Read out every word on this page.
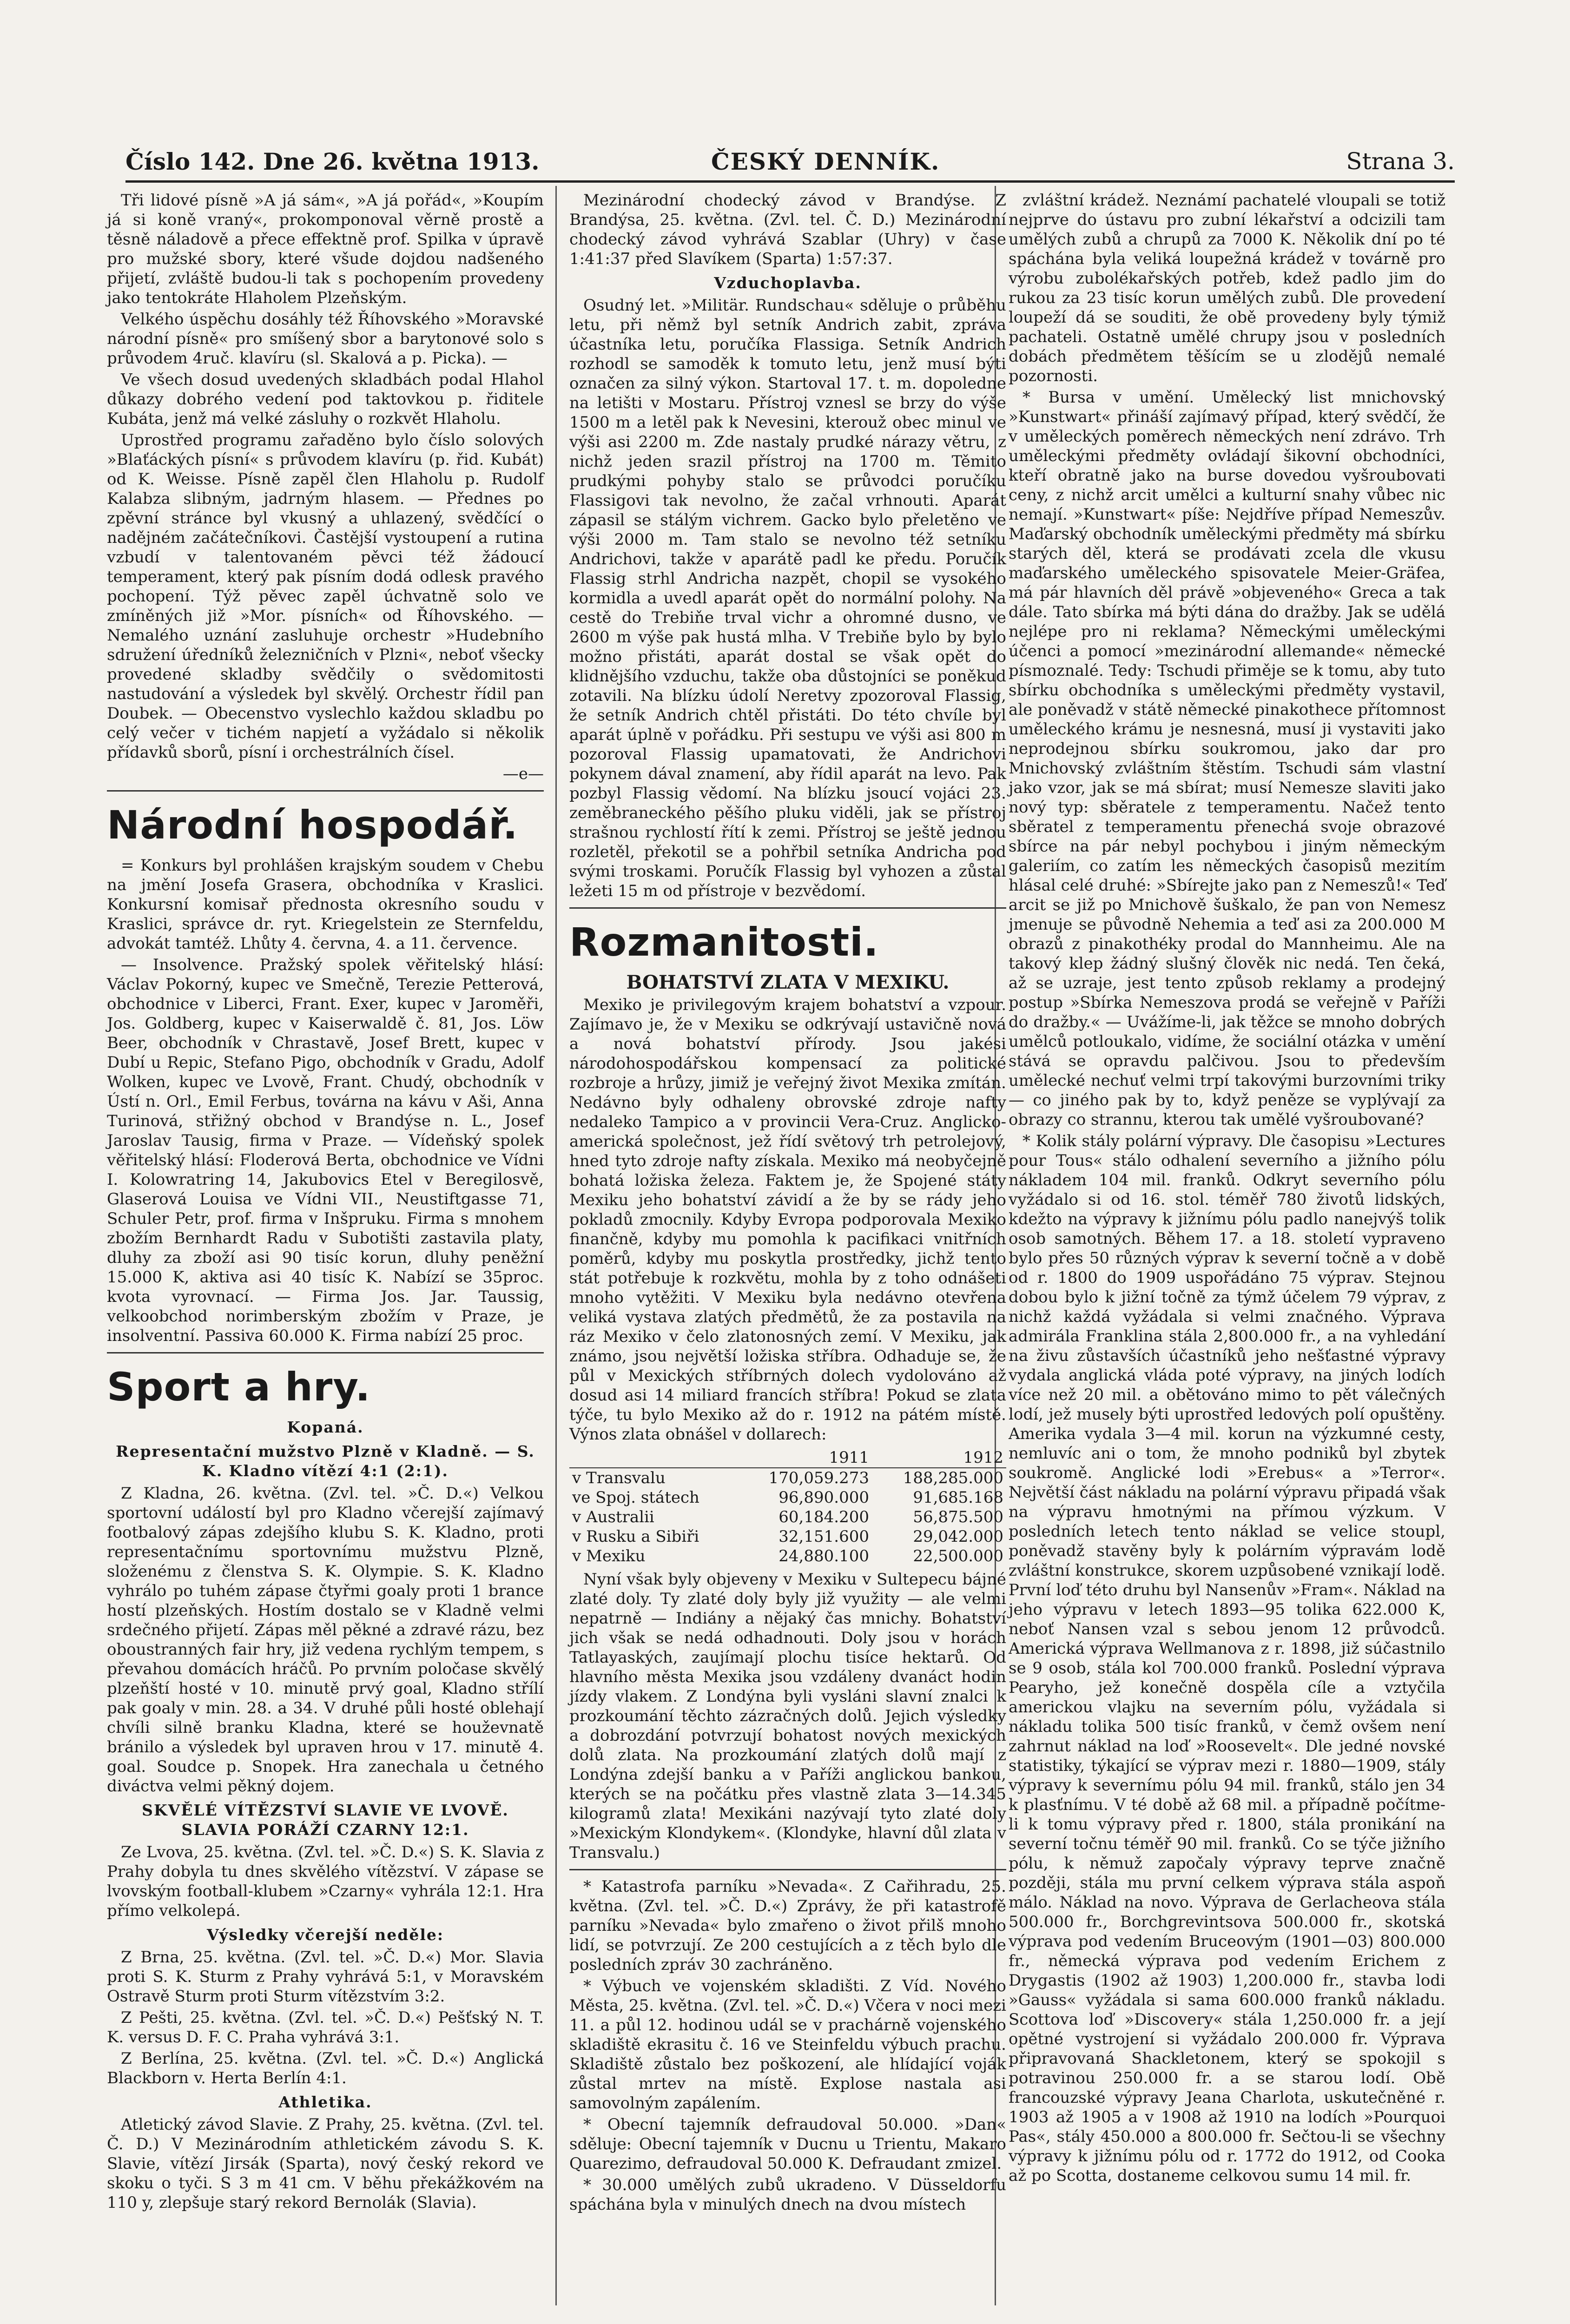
Číslo 142. Dne 26. května 1913.	ČESKÝ DENNÍK.	Strana 3.

Tři lidové písně »A já sám«, »A já pořád«, »Koupím já si koně vraný«, prokomponoval věrně prostě a těsně náladově a přece effektně prof. Spilka v úpravě pro mužské sbory, které všude dojdou nadšeného přijetí, zvláště budou-li tak s pochopením provedeny jako tentokráte Hlaholem Plzeňským.

Velkého úspěchu dosáhly též Říhovského »Moravské národní písně« pro smíšený sbor a barytonové solo s průvodem 4ruč. klavíru (sl. Skalová a p. Picka). —

Ve všech dosud uvedených skladbách podal Hlahol důkazy dobrého vedení pod taktovkou p. řiditele Kubáta, jenž má velké zásluhy o rozkvět Hlaholu.

Uprostřed programu zařaděno bylo číslo solových »Blaťáckých písní« s průvodem klavíru (p. řid. Kubát) od K. Weisse. Písně zapěl člen Hlaholu p. Rudolf Kalabza slibným, jadrným hlasem. — Přednes po zpěvní stránce byl vkusný a uhlazený, svědčící o nadějném začátečníkovi. Častější vystoupení a rutina vzbudí v talentovaném pěvci též žádoucí temperament, který pak písním dodá odlesk pravého pochopení. Týž pěvec zapěl úchvatně solo ve zmíněných již »Mor. písních« od Říhovského. — Nemalého uznání zasluhuje orchestr »Hudebního sdružení úředníků železničních v Plzni«, neboť všecky provedené skladby svědčily o svědomitosti nastudování a výsledek byl skvělý. Orchestr řídil pan Doubek. — Obecenstvo vyslechlo každou skladbu po celý večer v tichém napjetí a vyžádalo si několik přídavků sborů, písní i orchestrálních čísel.

—e—
Národní hospodář.

= Konkurs byl prohlášen krajským soudem v Chebu na jmění Josefa Grasera, obchodníka v Kraslici. Konkursní komisař přednosta okresního soudu v Kraslici, správce dr. ryt. Kriegelstein ze Sternfeldu, advokát tamtéž. Lhůty 4. června, 4. a 11. července.

— Insolvence. Pražský spolek věřitelský hlásí: Václav Pokorný, kupec ve Smečně, Terezie Petterová, obchodnice v Liberci, Frant. Exer, kupec v Jaroměři, Jos. Goldberg, kupec v Kaiserwaldě č. 81, Jos. Löw Beer, obchodník v Chrastavě, Josef Brett, kupec v Dubí u Repic, Stefano Pigo, obchodník v Gradu, Adolf Wolken, kupec ve Lvově, Frant. Chudý, obchodník v Ústí n. Orl., Emil Ferbus, továrna na kávu v Aši, Anna Turinová, střižný obchod v Brandýse n. L., Josef Jaroslav Tausig, firma v Praze. — Vídeňský spolek věřitelský hlásí: Floderová Berta, obchodnice ve Vídni I. Kolowratring 14, Jakubovics Etel v Beregilosvě, Glaserová Louisa ve Vídni VII., Neustiftgasse 71, Schuler Petr, prof. firma v Inšpruku. Firma s mnohem zbožím Bernhardt Radu v Subotišti zastavila platy, dluhy za zboží asi 90 tisíc korun, dluhy peněžní 15.000 K, aktiva asi 40 tisíc K. Nabízí se 35proc. kvota vyrovnací. — Firma Jos. Jar. Taussig, velkoobchod norimberským zbožím v Praze, je insolventní. Passiva 60.000 K. Firma nabízí 25 proc.

Sport a hry.
Kopaná.
Representační mužstvo Plzně v Kladně. — S. K. Kladno vítězí 4:1 (2:1).

Z Kladna, 26. května. (Zvl. tel. »Č. D.«) Velkou sportovní událostí byl pro Kladno včerejší zajímavý footbalový zápas zdejšího klubu S. K. Kladno, proti representačnímu sportovnímu mužstvu Plzně, složenému z členstva S. K. Olympie. S. K. Kladno vyhrálo po tuhém zápase čtyřmi goaly proti 1 brance hostí plzeňských. Hostím dostalo se v Kladně velmi srdečného přijetí. Zápas měl pěkné a zdravé rázu, bez oboustranných fair hry, již vedena rychlým tempem, s převahou domácích hráčů. Po prvním poločase skvělý plzeňští hosté v 10. minutě prvý goal, Kladno střílí pak goaly v min. 28. a 34. V druhé půli hosté oblehají chvíli silně branku Kladna, které se houževnatě bránilo a výsledek byl upraven hrou v 17. minutě 4. goal. Soudce p. Snopek. Hra zanechala u četného diváctva velmi pěkný dojem.

SKVĚLÉ VÍTĚZSTVÍ SLAVIE VE LVOVĚ. SLAVIA PORÁŽÍ CZARNY 12:1.

Ze Lvova, 25. května. (Zvl. tel. »Č. D.«) S. K. Slavia z Prahy dobyla tu dnes skvělého vítězství. V zápase se lvovským football-klubem »Czarny« vyhrála 12:1. Hra přímo velkolepá.

Výsledky včerejší neděle:

Z Brna, 25. května. (Zvl. tel. »Č. D.«) Mor. Slavia proti S. K. Sturm z Prahy vyhrává 5:1, v Moravském Ostravě Sturm proti Sturm vítězstvím 3:2.

Z Pešti, 25. května. (Zvl. tel. »Č. D.«) Pešťský N. T. K. versus D. F. C. Praha vyhrává 3:1.

Z Berlína, 25. května. (Zvl. tel. »Č. D.«) Anglická Blackborn v. Herta Berlín 4:1.

Athletika.

Atletický závod Slavie. Z Prahy, 25. května. (Zvl. tel. Č. D.) V Mezinárodním athletickém závodu S. K. Slavie, vítězí Jirsák (Sparta), nový český rekord ve skoku o tyči. S 3 m 41 cm. V běhu překážkovém na 110 y, zlepšuje starý rekord Bernolák (Slavia).

Mezinárodní chodecký závod v Brandýse. Z Brandýsa, 25. května. (Zvl. tel. Č. D.) Mezinárodní chodecký závod vyhrává Szablar (Uhry) v čase 1:41:37 před Slavíkem (Sparta) 1:57:37.

Vzduchoplavba.

Osudný let. »Militär. Rundschau« sděluje o průběhu letu, při němž byl setník Andrich zabit, zpráva účastníka letu, poručíka Flassiga. Setník Andrich rozhodl se samoděk k tomuto letu, jenž musí býti označen za silný výkon. Startoval 17. t. m. dopoledne na letišti v Mostaru. Přístroj vznesl se brzy do výše 1500 m a letěl pak k Nevesini, kterouž obec minul ve výši asi 2200 m. Zde nastaly prudké nárazy větru, z nichž jeden srazil přístroj na 1700 m. Těmito prudkými pohyby stalo se průvodci poručíku Flassigovi tak nevolno, že začal vrhnouti. Aparát zápasil se stálým vichrem. Gacko bylo přeletěno ve výši 2000 m. Tam stalo se nevolno též setníku Andrichovi, takže v aparátě padl ke předu. Poručík Flassig strhl Andricha nazpět, chopil se vysokého kormidla a uvedl aparát opět do normální polohy. Na cestě do Trebiňe trval vichr a ohromné dusno, ve 2600 m výše pak hustá mlha. V Trebiňe bylo by bylo možno přistáti, aparát dostal se však opět do klidnějšího vzduchu, takže oba důstojníci se poněkud zotavili. Na blízku údolí Neretvy zpozoroval Flassig, že setník Andrich chtěl přistáti. Do této chvíle byl aparát úplně v pořádku. Při sestupu ve výši asi 800 m pozoroval Flassig upamatovati, že Andrichovi pokynem dával znamení, aby řídil aparát na levo. Pak pozbyl Flassig vědomí. Na blízku jsoucí vojáci 23. zeměbraneckého pěšího pluku viděli, jak se přístroj strašnou rychlostí řítí k zemi. Přístroj se ještě jednou rozletěl, překotil se a pohřbil setníka Andricha pod svými troskami. Poručík Flassig byl vyhozen a zůstal ležeti 15 m od přístroje v bezvědomí.

Rozmanitosti.
BOHATSTVÍ ZLATA V MEXIKU.

Mexiko je privilegovým krajem bohatství a vzpour. Zajímavo je, že v Mexiku se odkrývají ustavičně nová a nová bohatství přírody. Jsou jakési národohospodářskou kompensací za politické rozbroje a hrůzy, jimiž je veřejný život Mexika zmítán. Nedávno byly odhaleny obrovské zdroje nafty nedaleko Tampico a v provincii Vera-Cruz. Anglicko-americká společnost, jež řídí světový trh petrolejový, hned tyto zdroje nafty získala. Mexiko má neobyčejně bohatá ložiska železa. Faktem je, že Spojené státy Mexiku jeho bohatství závidí a že by se rády jeho pokladů zmocnily. Kdyby Evropa podporovala Mexiko finančně, kdyby mu pomohla k pacifikaci vnitřních poměrů, kdyby mu poskytla prostředky, jichž tento stát potřebuje k rozkvětu, mohla by z toho odnášeti mnoho vytěžiti. V Mexiku byla nedávno otevřena veliká vystava zlatých předmětů, že za postavila na ráz Mexiko v čelo zlatonosných zemí. V Mexiku, jak známo, jsou největší ložiska stříbra. Odhaduje se, že půl v Mexických stříbrných dolech vydolováno až dosud asi 14 miliard francích stříbra! Pokud se zlata týče, tu bylo Mexiko až do r. 1912 na pátém místě. Výnos zlata obnášel v dollarech:

	1911	1912
v Transvalu	170,059.273	188,285.000
ve Spoj. státech	96,890.000	91,685.168
v Australii	60,184.200	56,875.500
v Rusku a Sibiři	32,151.600	29,042.000
v Mexiku	24,880.100	22,500.000

Nyní však byly objeveny v Mexiku v Sultepecu bájné zlaté doly. Ty zlaté doly byly již využity — ale velmi nepatrně — Indiány a nějaký čas mnichy. Bohatství jich však se nedá odhadnouti. Doly jsou v horách Tatlayaských, zaujímají plochu tisíce hektarů. Od hlavního města Mexika jsou vzdáleny dvanáct hodin jízdy vlakem. Z Londýna byli vysláni slavní znalci k prozkoumání těchto zázračných dolů. Jejich výsledky a dobrozdání potvrzují bohatost nových mexických dolů zlata. Na prozkoumání zlatých dolů mají z Londýna zdejší banku a v Paříži anglickou bankou, kterých se na počátku přes vlastně zlata 3—14.345 kilogramů zlata! Mexikáni nazývají tyto zlaté doly »Mexickým Klondykem«. (Klondyke, hlavní důl zlata v Transvalu.)

* Katastrofa parníku »Nevada«. Z Cařihradu, 25. května. (Zvl. tel. »Č. D.«) Zprávy, že při katastrofě parníku »Nevada« bylo zmařeno o život přilš mnoho lidí, se potvrzují. Ze 200 cestujících a z těch bylo dle posledních zpráv 30 zachráněno.

* Výbuch ve vojenském skladišti. Z Víd. Nového Města, 25. května. (Zvl. tel. »Č. D.«) Včera v noci mezi 11. a půl 12. hodinou udál se v prachárně vojenského skladiště ekrasitu č. 16 ve Steinfeldu výbuch prachu. Skladiště zůstalo bez poškození, ale hlídající voják zůstal mrtev na místě. Explose nastala asi samovolným zapálením.

* Obecní tajemník defraudoval 50.000. »Dan« sděluje: Obecní tajemník v Ducnu u Trientu, Makaro Quarezimo, defraudoval 50.000 K. Defraudant zmizel.

* 30.000 umělých zubů ukradeno. V Düsseldorfu spáchána byla v minulých dnech na dvou místech

zvláštní krádež. Neznámí pachatelé vloupali se totiž nejprve do ústavu pro zubní lékařství a odcizili tam umělých zubů a chrupů za 7000 K. Několik dní po té spáchána byla veliká loupežná krádež v továrně pro výrobu zubolékařských potřeb, kdež padlo jim do rukou za 23 tisíc korun umělých zubů. Dle provedení loupeží dá se souditi, že obě provedeny byly týmiž pachateli. Ostatně umělé chrupy jsou v posledních dobách předmětem těšícím se u zlodějů nemalé pozornosti.

* Bursa v umění. Umělecký list mnichovský »Kunstwart« přináší zajímavý případ, který svědčí, že v uměleckých poměrech německých není zdrávo. Trh uměleckými předměty ovládají šikovní obchodníci, kteří obratně jako na burse dovedou vyšroubovati ceny, z nichž arcit umělci a kulturní snahy vůbec nic nemají. »Kunstwart« píše: Nejdříve případ Nemeszův. Maďarský obchodník uměleckými předměty má sbírku starých děl, která se prodávati zcela dle vkusu maďarského uměleckého spisovatele Meier-Gräfea, má pár hlavních děl právě »objeveného« Greca a tak dále. Tato sbírka má býti dána do dražby. Jak se udělá nejlépe pro ni reklama? Německými uměleckými účenci a pomocí »mezinárodní allemande« německé písmoznalé. Tedy: Tschudi přiměje se k tomu, aby tuto sbírku obchodníka s uměleckými předměty vystavil, ale poněvadž v státě německé pinakothece přítomnost uměleckého krámu je nesnesná, musí ji vystaviti jako neprodejnou sbírku soukromou, jako dar pro Mnichovský zvláštním štěstím. Tschudi sám vlastní jako vzor, jak se má sbírat; musí Nemesze slaviti jako nový typ: sběratele z temperamentu. Načež tento sběratel z temperamentu přenechá svoje obrazové sbírce na pár nebyl pochybou i jiným německým galeriím, co zatím les německých časopisů mezitím hlásal celé druhé: »Sbírejte jako pan z Nemeszů!« Teď arcit se již po Mnichově šuškalo, že pan von Nemesz jmenuje se původně Nehemia a teď asi za 200.000 M obrazů z pinakothéky prodal do Mannheimu. Ale na takový klep žádný slušný člověk nic nedá. Ten čeká, až se uzraje, jest tento způsob reklamy a prodejný postup »Sbírka Nemeszova prodá se veřejně v Paříži do dražby.« — Uvážíme-li, jak těžce se mnoho dobrých umělců potloukalo, vidíme, že sociální otázka v umění stává se opravdu palčivou. Jsou to především umělecké nechuť velmi trpí takovými burzovními triky — co jiného pak by to, když peněze se vyplývají za obrazy co strannu, kterou tak umělé vyšroubované?

* Kolik stály polární výpravy. Dle časopisu »Lectures pour Tous« stálo odhalení severního a jižního pólu nákladem 104 mil. franků. Odkryt severního pólu vyžádalo si od 16. stol. téměř 780 životů lidských, kdežto na výpravy k jižnímu pólu padlo nanejvýš tolik osob samotných. Během 17. a 18. století vypraveno bylo přes 50 různých výprav k severní točně a v době od r. 1800 do 1909 uspořádáno 75 výprav. Stejnou dobou bylo k jižní točně za týmž účelem 79 výprav, z nichž každá vyžádala si velmi značného. Výprava admirála Franklina stála 2,800.000 fr., a na vyhledání na živu zůstavších účastníků jeho nešťastné výpravy vydala anglická vláda poté výpravy, na jiných lodích více než 20 mil. a obětováno mimo to pět válečných lodí, jež musely býti uprostřed ledových polí opuštěny. Amerika vydala 3—4 mil. korun na výzkumné cesty, nemluvíc ani o tom, že mnoho podniků byl zbytek soukromě. Anglické lodi »Erebus« a »Terror«. Největší část nákladu na polární výpravu připadá však na výpravu hmotnými na přímou výzkum. V posledních letech tento náklad se velice stoupl, poněvadž stavěny byly k polárním výpravám lodě zvláštní konstrukce, skorem uzpůsobené vznikají lodě. První loď této druhu byl Nansenův »Fram«. Náklad na jeho výpravu v letech 1893—95 tolika 622.000 K, neboť Nansen vzal s sebou jenom 12 průvodců. Americká výprava Wellmanova z r. 1898, již súčastnilo se 9 osob, stála kol 700.000 franků. Poslední výprava Pearyho, jež konečně dospěla cíle a vztyčila americkou vlajku na severním pólu, vyžádala si nákladu tolika 500 tisíc franků, v čemž ovšem není zahrnut náklad na loď »Roosevelt«. Dle jedné novské statistiky, týkající se výprav mezi r. 1880—1909, stály výpravy k severnímu pólu 94 mil. franků, stálo jen 34 k plasťnímu. V té době až 68 mil. a případně počítme-li k tomu výpravy před r. 1800, stála pronikání na severní točnu téměř 90 mil. franků. Co se týče jižního pólu, k němuž započaly výpravy teprve značně později, stála mu první celkem výprava stála aspoň málo. Náklad na novo. Výprava de Gerlacheova stála 500.000 fr., Borchgrevintsova 500.000 fr., skotská výprava pod vedením Bruceovým (1901—03) 800.000 fr., německá výprava pod vedením Erichem z Drygastis (1902 až 1903) 1,200.000 fr., stavba lodi »Gauss« vyžádala si sama 600.000 franků nákladu. Scottova loď »Discovery« stála 1,250.000 fr. a její opětné vystrojení si vyžádalo 200.000 fr. Výprava připravovaná Shackletonem, který se spokojil s potravinou 250.000 fr. a se starou lodí. Obě francouzské výpravy Jeana Charlota, uskutečněné r. 1903 až 1905 a v 1908 až 1910 na lodích »Pourquoi Pas«, stály 450.000 a 800.000 fr. Sečtou-li se všechny výpravy k jižnímu pólu od r. 1772 do 1912, od Cooka až po Scotta, dostaneme celkovou sumu 14 mil. fr.
